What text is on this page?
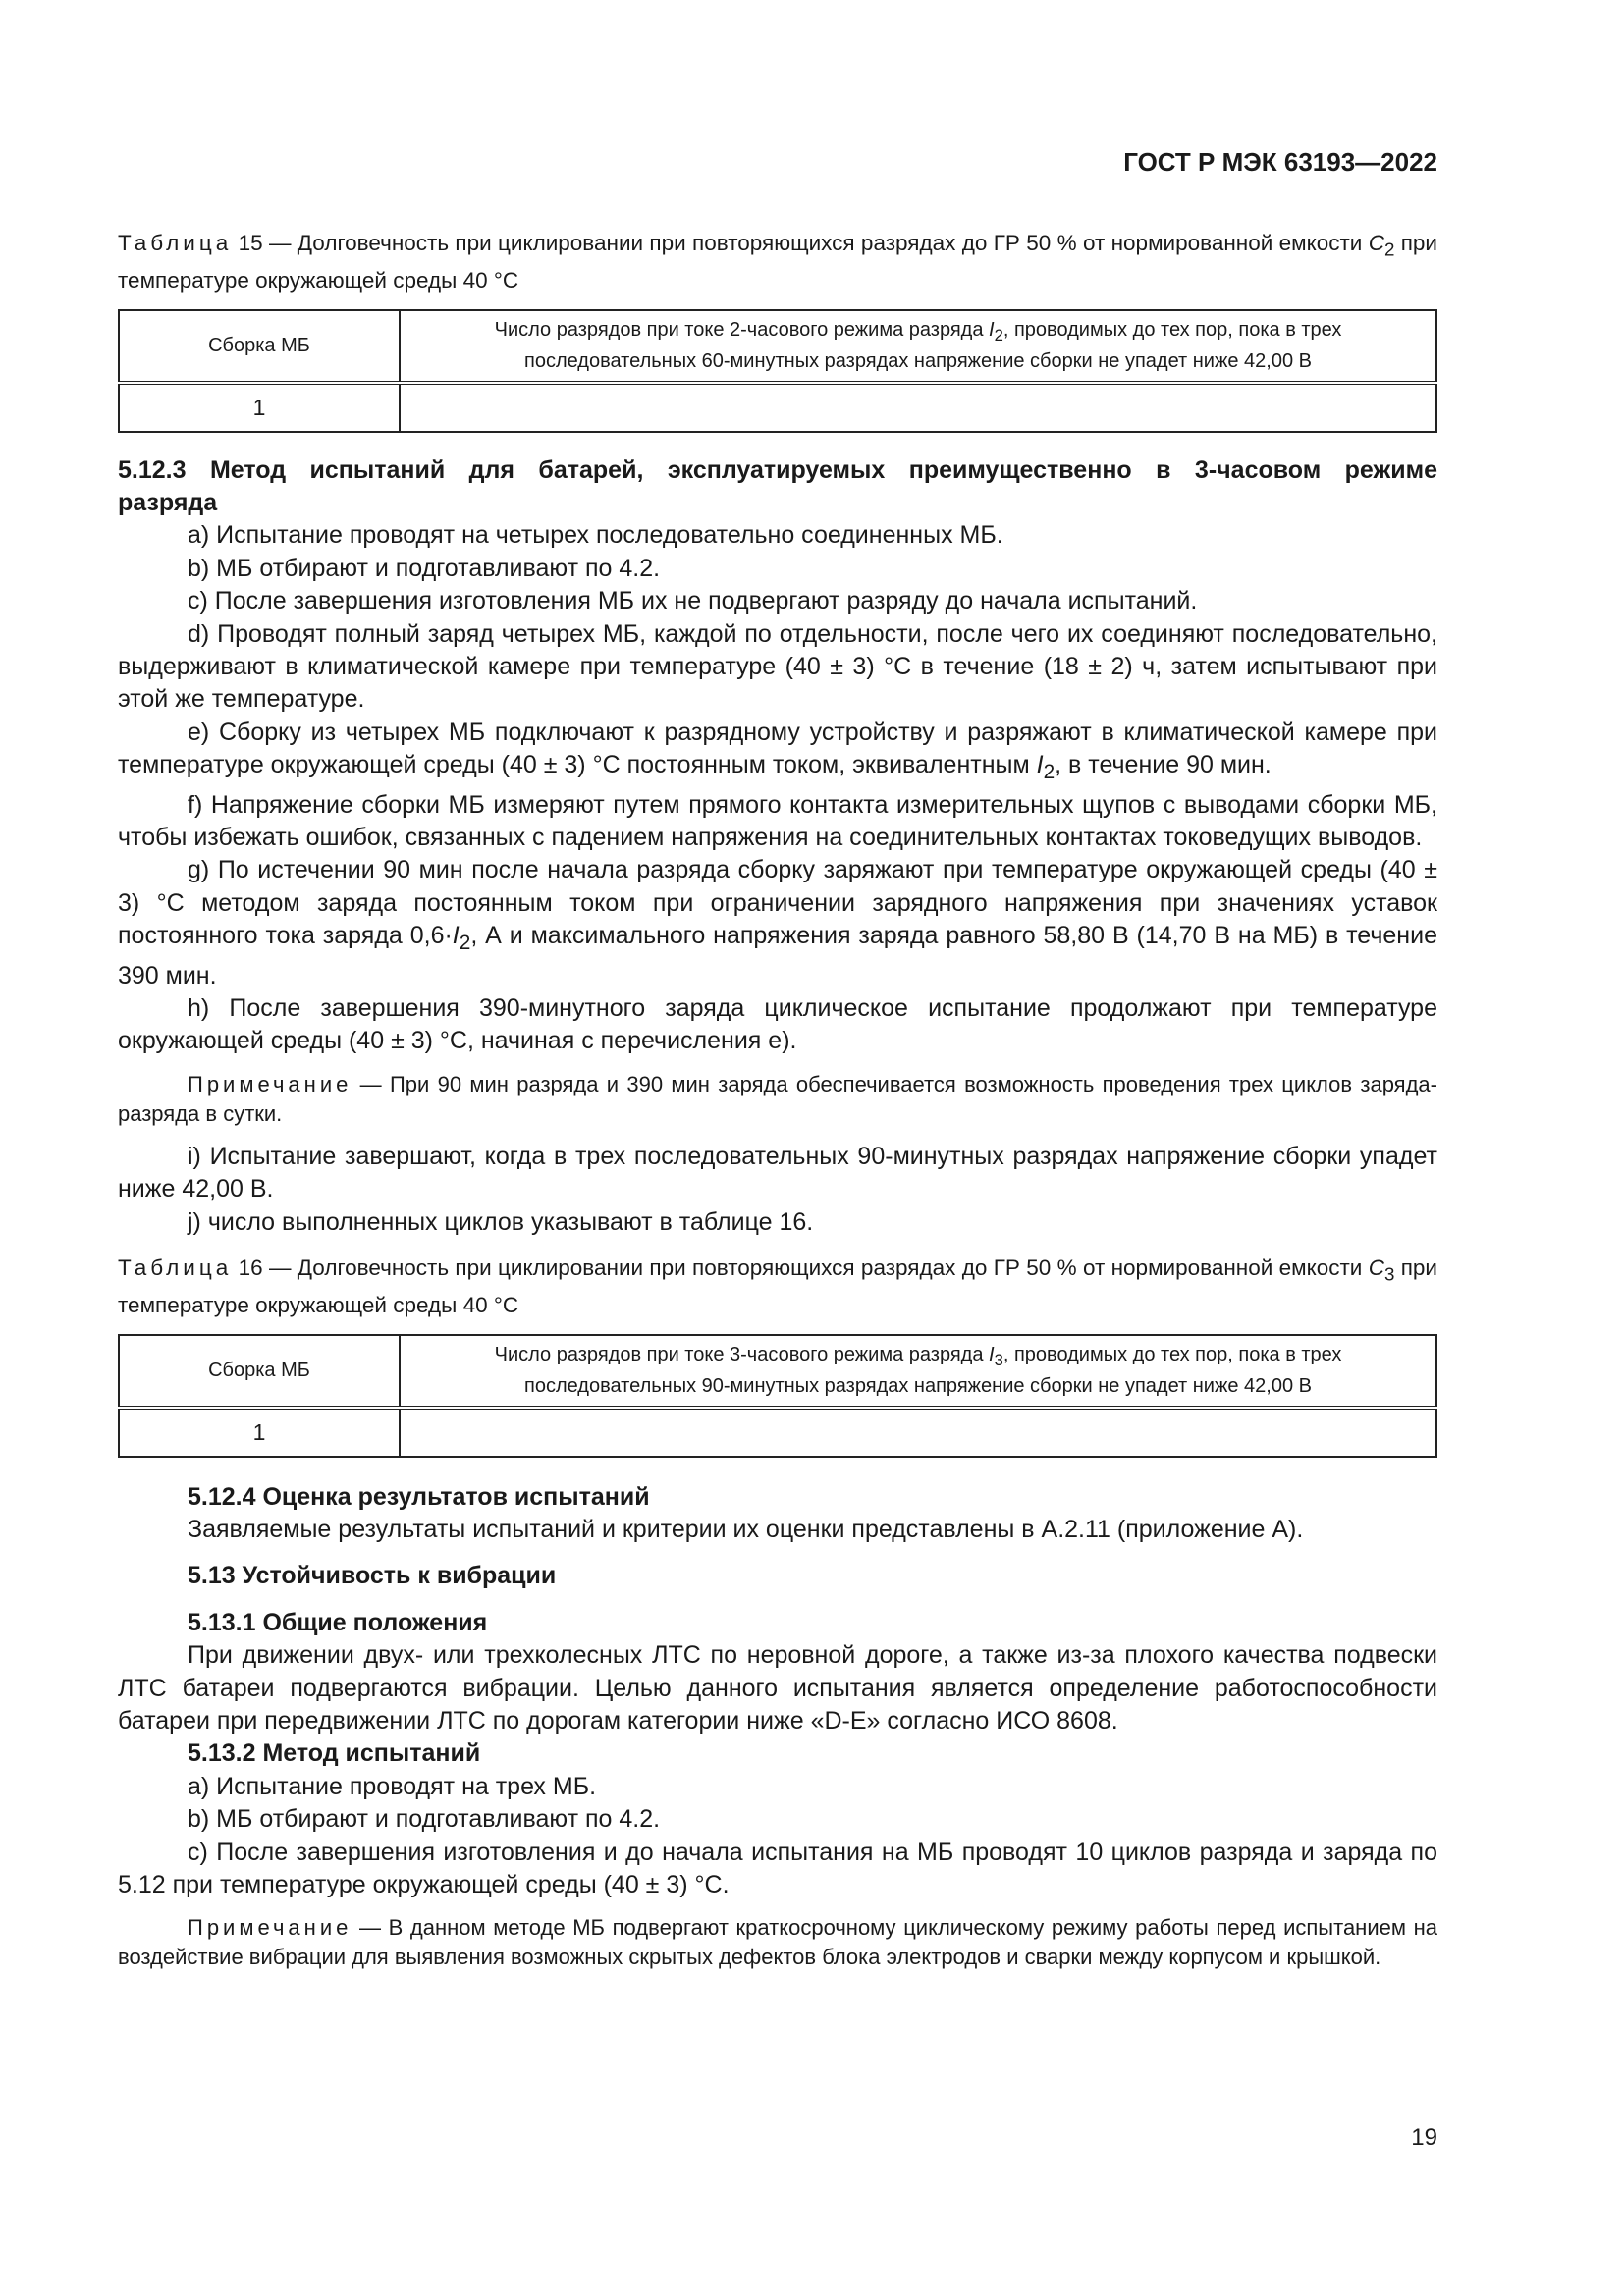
ГОСТ Р МЭК 63193—2022
Таблица 15 — Долговечность при циклировании при повторяющихся разрядах до ГР 50 % от нормированной емкости $C_2$ при температуре окружающей среды 40 °С
Сборка МБ	Число разрядов при токе 2-часового режима разряда $I_2$, проводимых до тех пор, пока в трех последовательных 60-минутных разрядах напряжение сборки не упадет ниже 42,00 В
1	
5.12.3 Метод испытаний для батарей, эксплуатируемых преимущественно в 3-часовом режиме разряда

а) Испытание проводят на четырех последовательно соединенных МБ.

b) МБ отбирают и подготавливают по 4.2.

с) После завершения изготовления МБ их не подвергают разряду до начала испытаний.

d) Проводят полный заряд четырех МБ, каждой по отдельности, после чего их соединяют последовательно, выдерживают в климатической камере при температуре (40 ± 3) °С в течение (18 ± 2) ч, затем испытывают при этой же температуре.

е) Сборку из четырех МБ подключают к разрядному устройству и разряжают в климатической камере при температуре окружающей среды (40 ± 3) °С постоянным током, эквивалентным $I_2$, в течение 90 мин.

f) Напряжение сборки МБ измеряют путем прямого контакта измерительных щупов с выводами сборки МБ, чтобы избежать ошибок, связанных с падением напряжения на соединительных контактах токоведущих выводов.

g) По истечении 90 мин после начала разряда сборку заряжают при температуре окружающей среды (40 ± 3) °С методом заряда постоянным током при ограничении зарядного напряжения при значениях уставок постоянного тока заряда $0,6\cdot I_2$, А и максимального напряжения заряда равного 58,80 В (14,70 В на МБ) в течение 390 мин.

h) После завершения 390-минутного заряда циклическое испытание продолжают при температуре окружающей среды (40 ± 3) °С, начиная с перечисления е).

Примечание — При 90 мин разряда и 390 мин заряда обеспечивается возможность проведения трех циклов заряда-разряда в сутки.

i) Испытание завершают, когда в трех последовательных 90-минутных разрядах напряжение сборки упадет ниже 42,00 В.

j) число выполненных циклов указывают в таблице 16.

Таблица 16 — Долговечность при циклировании при повторяющихся разрядах до ГР 50 % от нормированной емкости $C_3$ при температуре окружающей среды 40 °С
Сборка МБ	Число разрядов при токе 3-часового режима разряда $I_3$, проводимых до тех пор, пока в трех последовательных 90-минутных разрядах напряжение сборки не упадет ниже 42,00 В
1	
5.12.4 Оценка результатов испытаний

Заявляемые результаты испытаний и критерии их оценки представлены в А.2.11 (приложение А).

5.13 Устойчивость к вибрации
5.13.1 Общие положения

При движении двух- или трехколесных ЛТС по неровной дороге, а также из-за плохого качества подвески ЛТС батареи подвергаются вибрации. Целью данного испытания является определение работоспособности батареи при передвижении ЛТС по дорогам категории ниже «D-E» согласно ИСО 8608.

5.13.2 Метод испытаний

а) Испытание проводят на трех МБ.

b) МБ отбирают и подготавливают по 4.2.

с) После завершения изготовления и до начала испытания на МБ проводят 10 циклов разряда и заряда по 5.12 при температуре окружающей среды (40 ± 3) °С.

Примечание — В данном методе МБ подвергают краткосрочному циклическому режиму работы перед испытанием на воздействие вибрации для выявления возможных скрытых дефектов блока электродов и сварки между корпусом и крышкой.

19
